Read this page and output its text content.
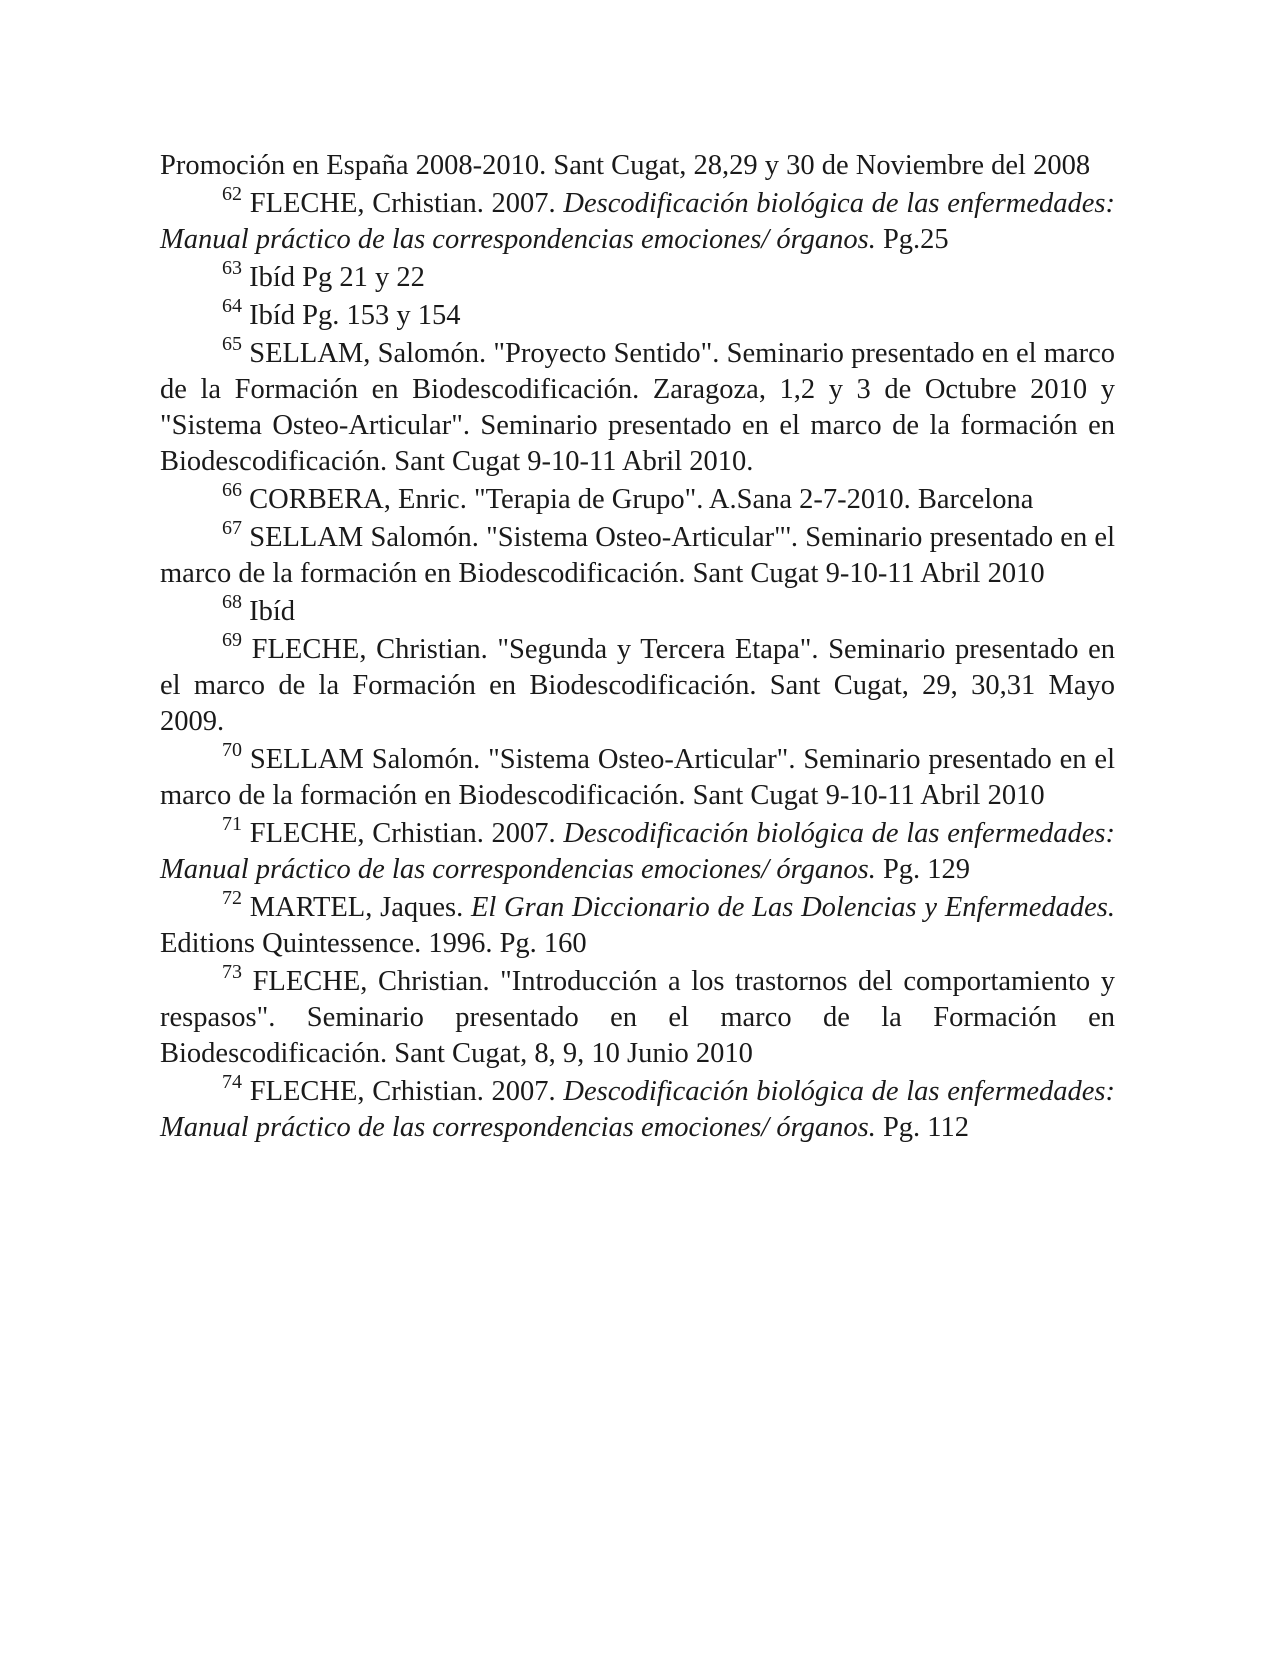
Promoción en España 2008-2010. Sant Cugat, 28,29 y 30 de Noviembre del 2008

$^{62}$ FLECHE, Crhistian. 2007. Descodificación biológica de las enfermedades: Manual práctico de las correspondencias emociones/ órganos. Pg.25

$^{63}$ Ibíd Pg 21 y 22

$^{64}$ Ibíd Pg. 153 y 154

$^{65}$ SELLAM, Salomón. "Proyecto Sentido". Seminario presentado en el marco de la Formación en Biodescodificación. Zaragoza, 1,2 y 3 de Octubre 2010 y "Sistema Osteo-Articular". Seminario presentado en el marco de la formación en Biodescodificación. Sant Cugat 9-10-11 Abril 2010.

$^{66}$ CORBERA, Enric. "Terapia de Grupo". A.Sana 2-7-2010. Barcelona

$^{67}$ SELLAM Salomón. "Sistema Osteo-Articular"'. Seminario presentado en el marco de la formación en Biodescodificación. Sant Cugat 9-10-11 Abril 2010

$^{68}$ Ibíd

$^{69}$ FLECHE, Christian. "Segunda y Tercera Etapa". Seminario presentado en el marco de la Formación en Biodescodificación. Sant Cugat, 29, 30,31 Mayo 2009.

$^{70}$ SELLAM Salomón. "Sistema Osteo-Articular". Seminario presentado en el marco de la formación en Biodescodificación. Sant Cugat 9-10-11 Abril 2010

$^{71}$ FLECHE, Crhistian. 2007. Descodificación biológica de las enfermedades: Manual práctico de las correspondencias emociones/ órganos. Pg. 129

$^{72}$ MARTEL, Jaques. El Gran Diccionario de Las Dolencias y Enfermedades. Editions Quintessence. 1996. Pg. 160

$^{73}$ FLECHE, Christian. "Introducción a los trastornos del comportamiento y respasos". Seminario presentado en el marco de la Formación en Biodescodificación. Sant Cugat, 8, 9, 10 Junio 2010

$^{74}$ FLECHE, Crhistian. 2007. Descodificación biológica de las enfermedades: Manual práctico de las correspondencias emociones/ órganos. Pg. 112
